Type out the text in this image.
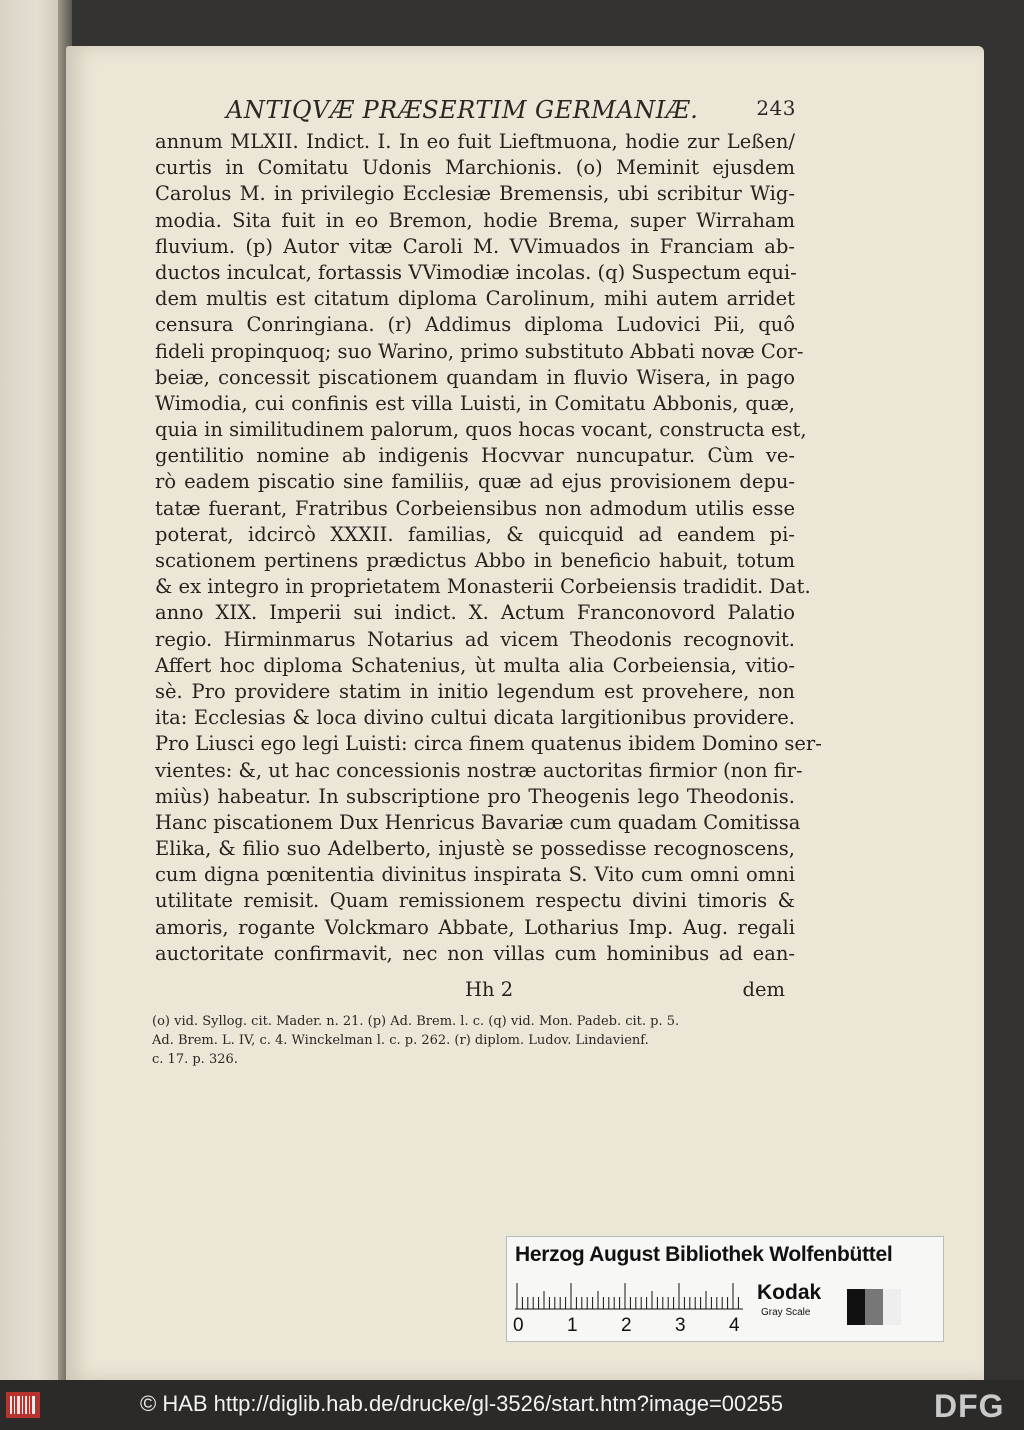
ANTIQVÆ PRÆSERTIM GERMANIÆ.	243
annum MLXII. Indict. I. In eo fuit Lieftmuona, hodie zur Leßen/
curtis in Comitatu Udonis Marchionis. (o) Meminit ejusdem
Carolus M. in privilegio Ecclesiæ Bremensis, ubi scribitur Wig-
modia. Sita fuit in eo Bremon, hodie Brema, super Wirraham
fluvium. (p) Autor vitæ Caroli M. VVimuados in Franciam ab-
ductos inculcat, fortassis VVimodiæ incolas. (q) Suspectum equi-
dem multis est citatum diploma Carolinum, mihi autem arridet
censura Conringiana. (r) Addimus diploma Ludovici Pii, quô
fideli propinquoq; suo Warino, primo substituto Abbati novæ Cor-
beiæ, concessit piscationem quandam in fluvio Wisera, in pago
Wimodia, cui confinis est villa Luisti, in Comitatu Abbonis, quæ,
quia in similitudinem palorum, quos hocas vocant, constructa est,
gentilitio nomine ab indigenis Hocvvar nuncupatur. Cùm ve-
rò eadem piscatio sine familiis, quæ ad ejus provisionem depu-
tatæ fuerant, Fratribus Corbeiensibus non admodum utilis esse
poterat, idcircò XXXII. familias, & quicquid ad eandem pi-
scationem pertinens prædictus Abbo in beneficio habuit, totum
& ex integro in proprietatem Monasterii Corbeiensis tradidit. Dat.
anno XIX. Imperii sui indict. X. Actum Franconovord Palatio
regio. Hirminmarus Notarius ad vicem Theodonis recognovit.
Affert hoc diploma Schatenius, ùt multa alia Corbeiensia, vitio-
sè. Pro providere statim in initio legendum est provehere, non
ita: Ecclesias & loca divino cultui dicata largitionibus providere.
Pro Liusci ego legi Luisti: circa finem quatenus ibidem Domino ser-
vientes: &, ut hac concessionis nostræ auctoritas firmior (non fir-
miùs) habeatur. In subscriptione pro Theogenis lego Theodonis.
Hanc piscationem Dux Henricus Bavariæ cum quadam Comitissa
Elika, & filio suo Adelberto, injustè se possedisse recognoscens,
cum digna pœnitentia divinitus inspirata S. Vito cum omni omni
utilitate remisit. Quam remissionem respectu divini timoris &
amoris, rogante Volckmaro Abbate, Lotharius Imp. Aug. regali
auctoritate confirmavit, nec non villas cum hominibus ad ean-
Hh 2	dem
(o) vid. Syllog. cit. Mader. n. 21. (p) Ad. Brem. l. c. (q) vid. Mon. Padeb. cit. p. 5.
Ad. Brem. L. IV, c. 4. Winckelman l. c. p. 262. (r) diplom. Ludov. Lindavienf.
c. 17. p. 326.
Herzog August Bibliothek Wolfenbüttel
0 1 2 3 4
Kodak
Gray Scale
© HAB http://diglib.hab.de/drucke/gl-3526/start.htm?image=00255	DFG
